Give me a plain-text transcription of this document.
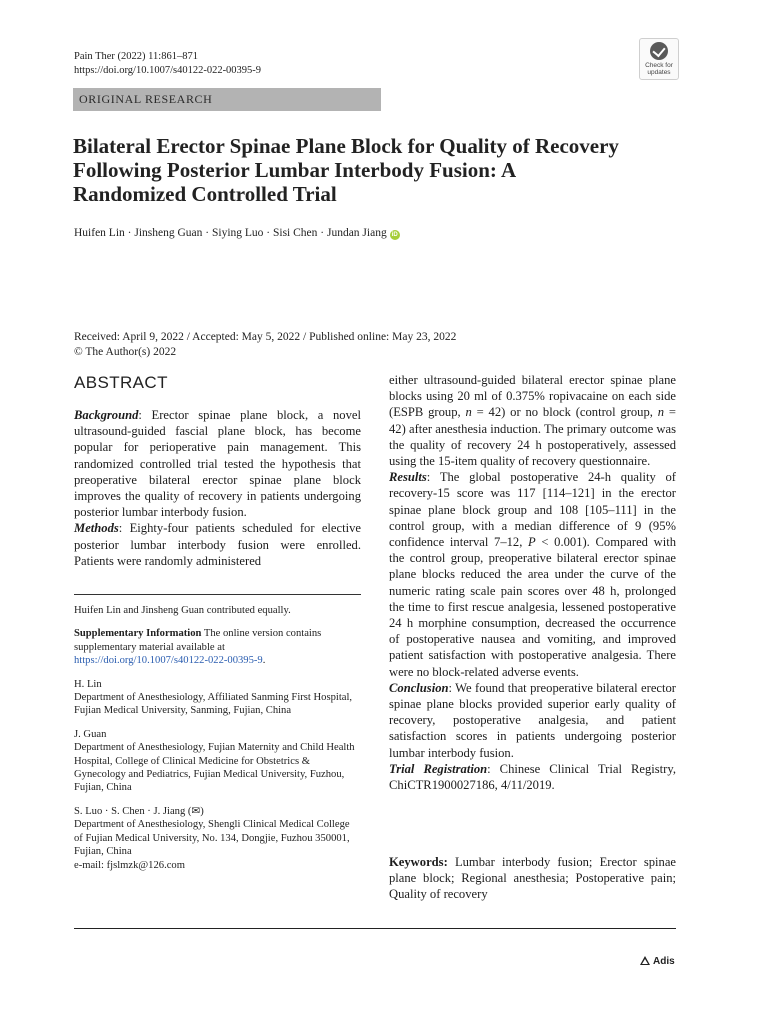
Pain Ther (2022) 11:861–871
https://doi.org/10.1007/s40122-022-00395-9	Check for
updates
ORIGINAL RESEARCH
Bilateral Erector Spinae Plane Block for Quality of Recovery Following Posterior Lumbar Interbody Fusion: A Randomized Controlled Trial
Huifen Lin · Jinsheng Guan · Siying Luo · Sisi Chen · Jundan Jiang iD
Received: April 9, 2022 / Accepted: May 5, 2022 / Published online: May 23, 2022
© The Author(s) 2022
ABSTRACT

Background: Erector spinae plane block, a novel ultrasound-guided fascial plane block, has become popular for perioperative pain management. This randomized controlled trial tested the hypothesis that preoperative bilateral erector spinae plane block improves the quality of recovery in patients undergoing posterior lumbar interbody fusion.

Methods: Eighty-four patients scheduled for elective posterior lumbar interbody fusion were enrolled. Patients were randomly administered

Huifen Lin and Jinsheng Guan contributed equally.

Supplementary Information The online version contains supplementary material available at https://doi.org/10.1007/s40122-022-00395-9.

H. Lin
Department of Anesthesiology, Affiliated Sanming First Hospital, Fujian Medical University, Sanming, Fujian, China

J. Guan
Department of Anesthesiology, Fujian Maternity and Child Health Hospital, College of Clinical Medicine for Obstetrics & Gynecology and Pediatrics, Fujian Medical University, Fuzhou, Fujian, China

S. Luo · S. Chen · J. Jiang (✉)
Department of Anesthesiology, Shengli Clinical Medical College of Fujian Medical University, No. 134, Dongjie, Fuzhou 350001, Fujian, China
e-mail: fjslmzk@126.com

either ultrasound-guided bilateral erector spinae plane blocks using 20 ml of 0.375% ropivacaine on each side (ESPB group, n = 42) or no block (control group, n = 42) after anesthesia induction. The primary outcome was the quality of recovery 24 h postoperatively, assessed using the 15-item quality of recovery questionnaire.

Results: The global postoperative 24-h quality of recovery-15 score was 117 [114–121] in the erector spinae plane block group and 108 [105–111] in the control group, with a median difference of 9 (95% confidence interval 7–12, P < 0.001). Compared with the control group, preoperative bilateral erector spinae plane blocks reduced the area under the curve of the numeric rating scale pain scores over 48 h, prolonged the time to first rescue analgesia, lessened postoperative 24 h morphine consumption, decreased the occurrence of postoperative nausea and vomiting, and improved patient satisfaction with postoperative analgesia. There were no block-related adverse events.

Conclusion: We found that preoperative bilateral erector spinae plane blocks provided superior early quality of recovery, postoperative analgesia, and patient satisfaction scores in patients undergoing posterior lumbar interbody fusion.

Trial Registration: Chinese Clinical Trial Registry, ChiCTR1900027186, 4/11/2019.

Keywords: Lumbar interbody fusion; Erector spinae plane block; Regional anesthesia; Postoperative pain; Quality of recovery
Adis
